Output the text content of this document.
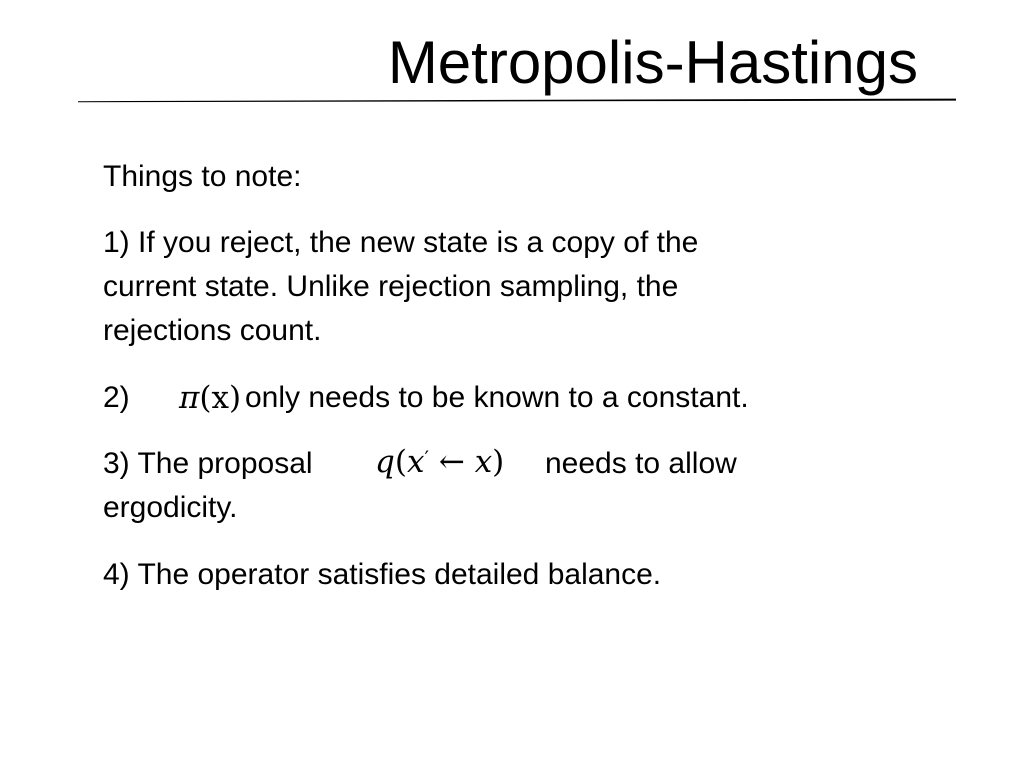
Metropolis-Hastings
Things to note:
1) If you reject, the new state is a copy of the
current state. Unlike rejection sampling, the
rejections count.
2) π(x) only needs to be known to a constant.
3) The proposal q(x′ ← x) needs to allow
ergodicity.
4) The operator satisfies detailed balance.
